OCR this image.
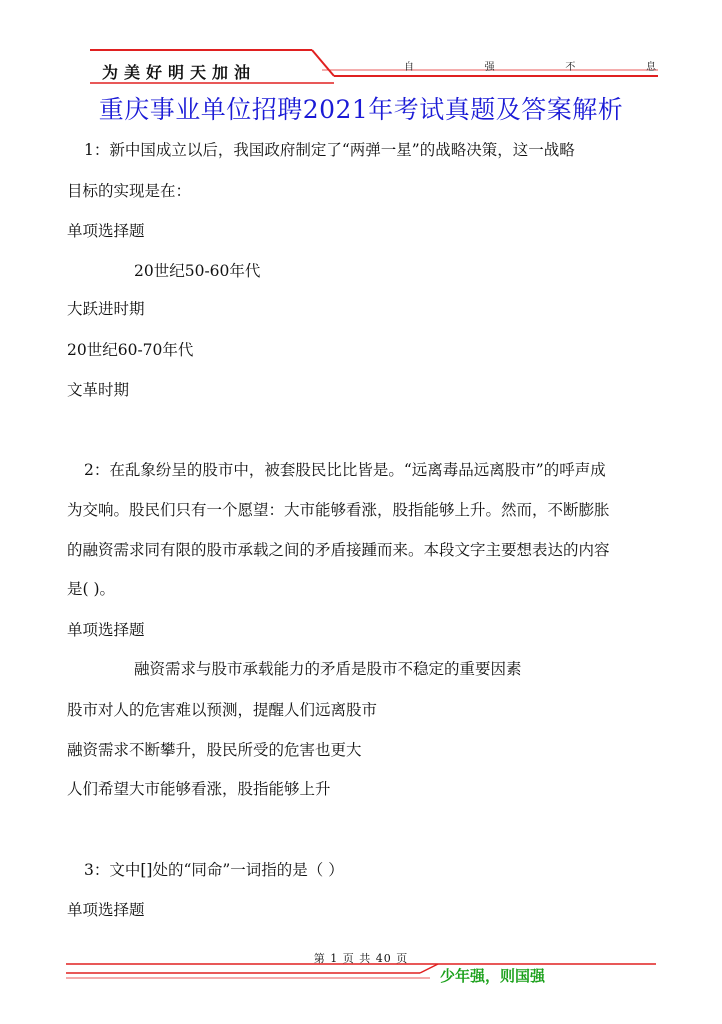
为美好明天加油	自	强	不	息
重庆事业单位招聘2021年考试真题及答案解析
1：新中国成立以后，我国政府制定了“两弹一星”的战略决策，这一战略
目标的实现是在：
单项选择题
20世纪50-60年代
大跃进时期
20世纪60-70年代
文革时期
2：在乱象纷呈的股市中，被套股民比比皆是。“远离毒品远离股市”的呼声成
为交响。股民们只有一个愿望：大市能够看涨，股指能够上升。然而，不断膨胀
的融资需求同有限的股市承载之间的矛盾接踵而来。本段文字主要想表达的内容
是( )。
单项选择题
融资需求与股市承载能力的矛盾是股市不稳定的重要因素
股市对人的危害难以预测，提醒人们远离股市
融资需求不断攀升，股民所受的危害也更大
人们希望大市能够看涨，股指能够上升
3：文中[]处的“同命”一词指的是（ ）
单项选择题
第 1 页 共 40 页
少年强，则国强
